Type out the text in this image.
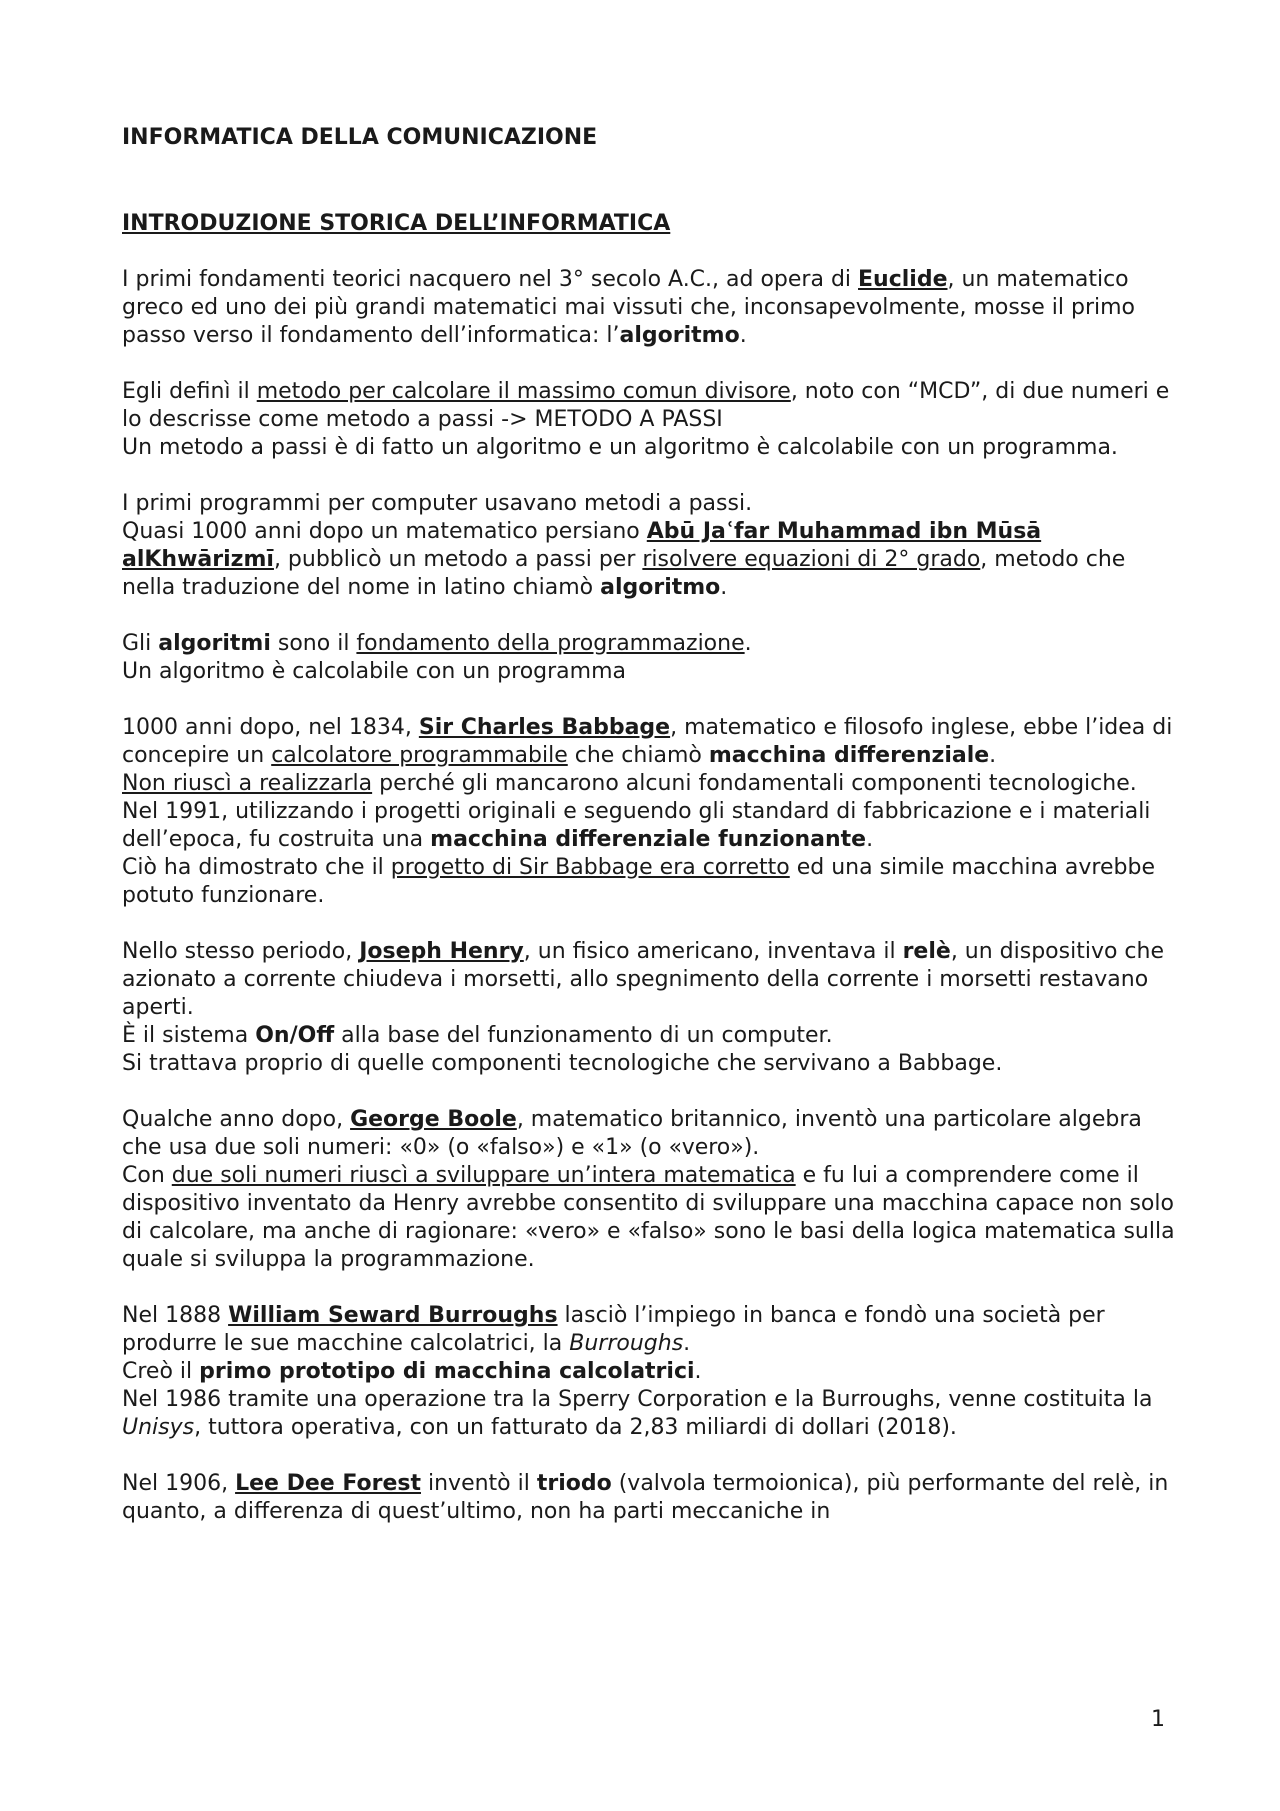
INFORMATICA DELLA COMUNICAZIONE
INTRODUZIONE STORICA DELL’INFORMATICA

I primi fondamenti teorici nacquero nel 3° secolo A.C., ad opera di Euclide, un matematico greco ed uno dei più grandi matematici mai vissuti che, inconsapevolmente, mosse il primo passo verso il fondamento dell’informatica: l’algoritmo.

Egli definì il metodo per calcolare il massimo comun divisore, noto con “MCD”, di due numeri e lo descrisse come metodo a passi -> METODO A PASSI
Un metodo a passi è di fatto un algoritmo e un algoritmo è calcolabile con un programma.

I primi programmi per computer usavano metodi a passi.
Quasi 1000 anni dopo un matematico persiano Abū Jaʿfar Muhammad ibn Mūsā alKhwārizmī, pubblicò un metodo a passi per risolvere equazioni di 2° grado, metodo che nella traduzione del nome in latino chiamò algoritmo.

Gli algoritmi sono il fondamento della programmazione.
Un algoritmo è calcolabile con un programma

1000 anni dopo, nel 1834, Sir Charles Babbage, matematico e filosofo inglese, ebbe l’idea di concepire un calcolatore programmabile che chiamò macchina differenziale.
Non riuscì a realizzarla perché gli mancarono alcuni fondamentali componenti tecnologiche.
Nel 1991, utilizzando i progetti originali e seguendo gli standard di fabbricazione e i materiali dell’epoca, fu costruita una macchina differenziale funzionante.
Ciò ha dimostrato che il progetto di Sir Babbage era corretto ed una simile macchina avrebbe potuto funzionare.

Nello stesso periodo, Joseph Henry, un fisico americano, inventava il relè, un dispositivo che azionato a corrente chiudeva i morsetti, allo spegnimento della corrente i morsetti restavano aperti.
È il sistema On/Off alla base del funzionamento di un computer.
Si trattava proprio di quelle componenti tecnologiche che servivano a Babbage.

Qualche anno dopo, George Boole, matematico britannico, inventò una particolare algebra che usa due soli numeri: «0» (o «falso») e «1» (o «vero»).
Con due soli numeri riuscì a sviluppare un’intera matematica e fu lui a comprendere come il dispositivo inventato da Henry avrebbe consentito di sviluppare una macchina capace non solo di calcolare, ma anche di ragionare: «vero» e «falso» sono le basi della logica matematica sulla quale si sviluppa la programmazione.

Nel 1888 William Seward Burroughs lasciò l’impiego in banca e fondò una società per produrre le sue macchine calcolatrici, la Burroughs.
Creò il primo prototipo di macchina calcolatrici.
Nel 1986 tramite una operazione tra la Sperry Corporation e la Burroughs, venne costituita la Unisys, tuttora operativa, con un fatturato da 2,83 miliardi di dollari (2018).

Nel 1906, Lee Dee Forest inventò il triodo (valvola termoionica), più performante del relè, in quanto, a differenza di quest’ultimo, non ha parti meccaniche in

1
